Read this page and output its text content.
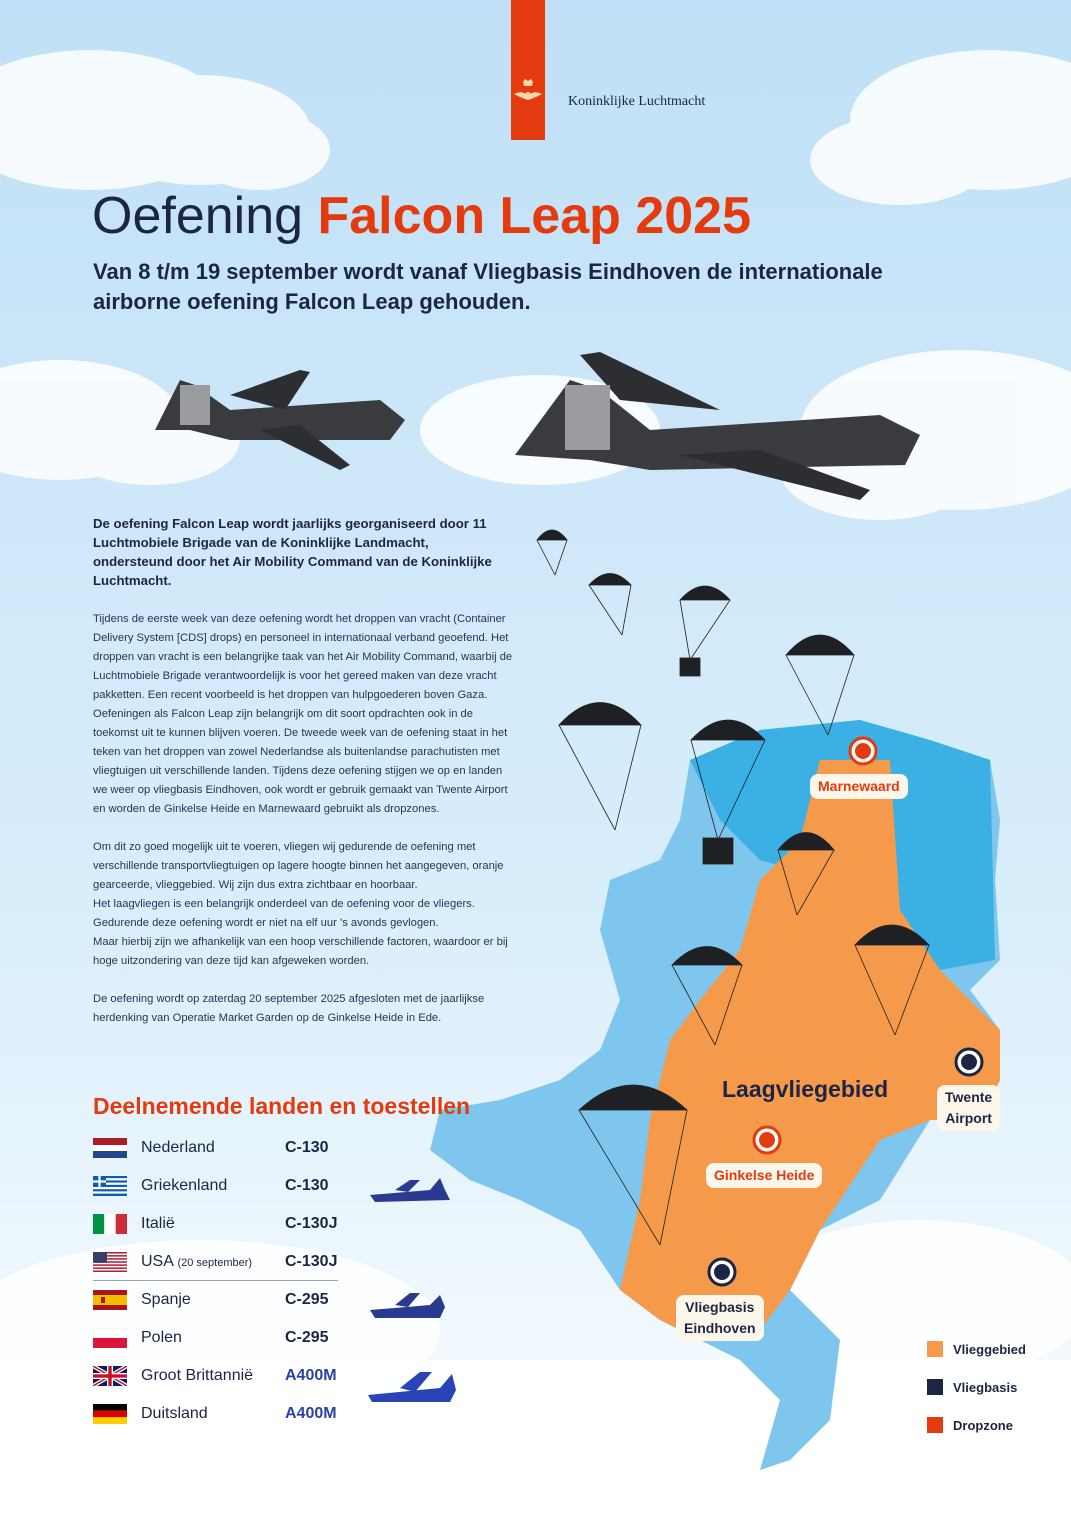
Koninklijke Luchtmacht
Oefening Falcon Leap 2025
Van 8 t/m 19 september wordt vanaf Vliegbasis Eindhoven de internationale airborne oefening Falcon Leap gehouden.
Marnewaard
Laagvliegebied
Ginkelse Heide
Twente
Airport
Vliegbasis
Eindhoven
Vlieggebied
Vliegbasis
Dropzone
De oefening Falcon Leap wordt jaarlijks georganiseerd door 11 Luchtmobiele Brigade van de Koninklijke Landmacht, ondersteund door het Air Mobility Command van de Koninklijke Luchtmacht.

Tijdens de eerste week van deze oefening wordt het droppen van vracht (Container Delivery System [CDS] drops) en personeel in internationaal verband geoefend. Het droppen van vracht is een belangrijke taak van het Air Mobility Command, waarbij de Luchtmobiele Brigade verantwoordelijk is voor het gereed maken van deze vracht pakketten. Een recent voorbeeld is het droppen van hulpgoederen boven Gaza. Oefeningen als Falcon Leap zijn belangrijk om dit soort opdrachten ook in de toekomst uit te kunnen blijven voeren. De tweede week van de oefening staat in het teken van het droppen van zowel Nederlandse als buitenlandse parachutisten met vliegtuigen uit verschillende landen. Tijdens deze oefening stijgen we op en landen we weer op vliegbasis Eindhoven, ook wordt er gebruik gemaakt van Twente Airport en worden de Ginkelse Heide en Marnewaard gebruikt als dropzones.

Om dit zo goed mogelijk uit te voeren, vliegen wij gedurende de oefening met verschillende transportvliegtuigen op lagere hoogte binnen het aangegeven, oranje gearceerde, vlieggebied. Wij zijn dus extra zichtbaar en hoorbaar.
Het laagvliegen is een belangrijk onderdeel van de oefening voor de vliegers.
Gedurende deze oefening wordt er niet na elf uur ’s avonds gevlogen.
Maar hierbij zijn we afhankelijk van een hoop verschillende factoren, waardoor er bij hoge uitzondering van deze tijd kan afgeweken worden.

De oefening wordt op zaterdag 20 september 2025 afgesloten met de jaarlijkse herdenking van Operatie Market Garden op de Ginkelse Heide in Ede.

Deelnemende landen en toestellen
Nederland	C-130
Griekenland	C-130
Italië	C-130J
USA (20 september)	C-130J
Spanje	C-295
Polen	C-295
Groot Brittannië	A400M
Duitsland	A400M
